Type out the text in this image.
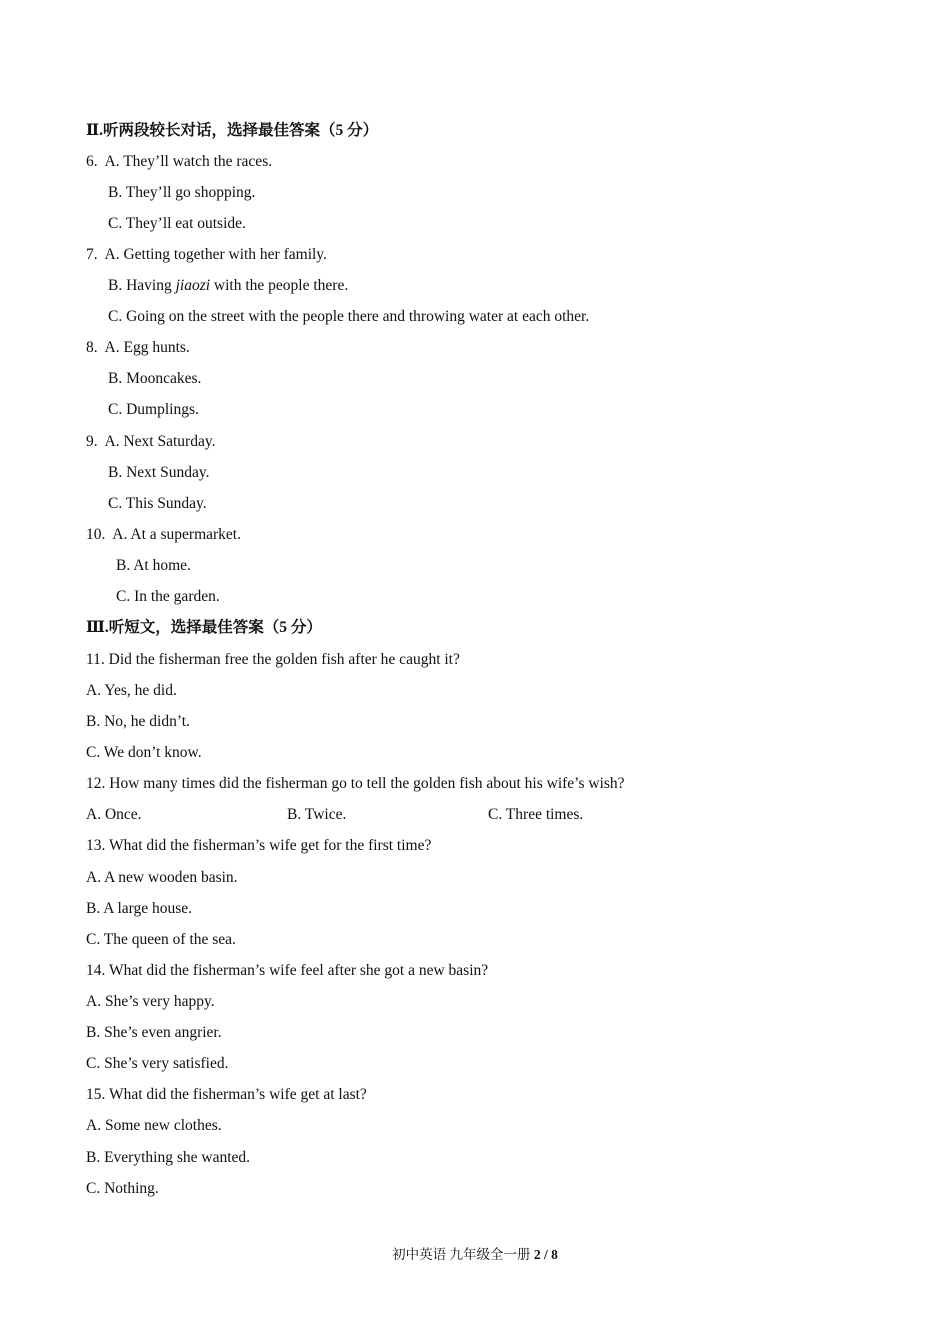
Ⅱ.听两段较长对话，选择最佳答案（5 分）
6. A. They’ll watch the races.
B. They’ll go shopping.
C. They’ll eat outside.
7. A. Getting together with her family.
B. Having jiaozi with the people there.
C. Going on the street with the people there and throwing water at each other.
8. A. Egg hunts.
B. Mooncakes.
C. Dumplings.
9. A. Next Saturday.
B. Next Sunday.
C. This Sunday.
10. A. At a supermarket.
B. At home.
C. In the garden.
Ⅲ.听短文，选择最佳答案（5 分）
11. Did the fisherman free the golden fish after he caught it?
A. Yes, he did.
B. No, he didn’t.
C. We don’t know.
12. How many times did the fisherman go to tell the golden fish about his wife’s wish?
A. Once.	B. Twice.	C. Three times.
13. What did the fisherman’s wife get for the first time?
A. A new wooden basin.
B. A large house.
C. The queen of the sea.
14. What did the fisherman’s wife feel after she got a new basin?
A. She’s very happy.
B. She’s even angrier.
C. She’s very satisfied.
15. What did the fisherman’s wife get at last?
A. Some new clothes.
B. Everything she wanted.
C. Nothing.
初中英语 九年级全一册 2 / 8
